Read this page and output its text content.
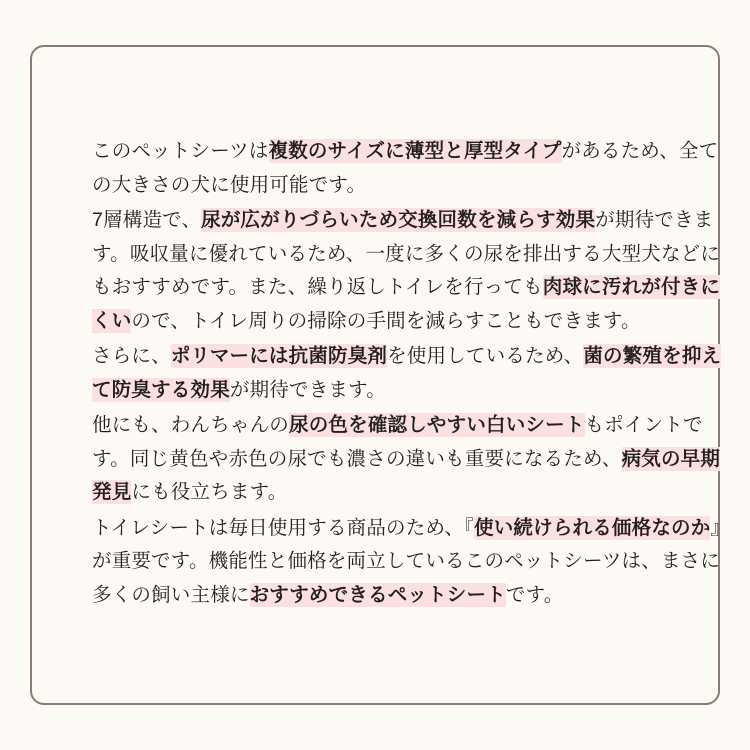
このペットシーツは複数のサイズに薄型と厚型タイプがあるため、全ての大きさの犬に使用可能です。

7層構造で、尿が広がりづらいため交換回数を減らす効果が期待できます。吸収量に優れているため、一度に多くの尿を排出する大型犬などにもおすすめです。また、繰り返しトイレを行っても肉球に汚れが付きにくいので、トイレ周りの掃除の手間を減らすこともできます。

さらに、ポリマーには抗菌防臭剤を使用しているため、菌の繁殖を抑えて防臭する効果が期待できます。

他にも、わんちゃんの尿の色を確認しやすい白いシートもポイントです。同じ黄色や赤色の尿でも濃さの違いも重要になるため、病気の早期発見にも役立ちます。

トイレシートは毎日使用する商品のため、『使い続けられる価格なのか』が重要です。機能性と価格を両立しているこのペットシーツは、まさに多くの飼い主様におすすめできるペットシートです。
